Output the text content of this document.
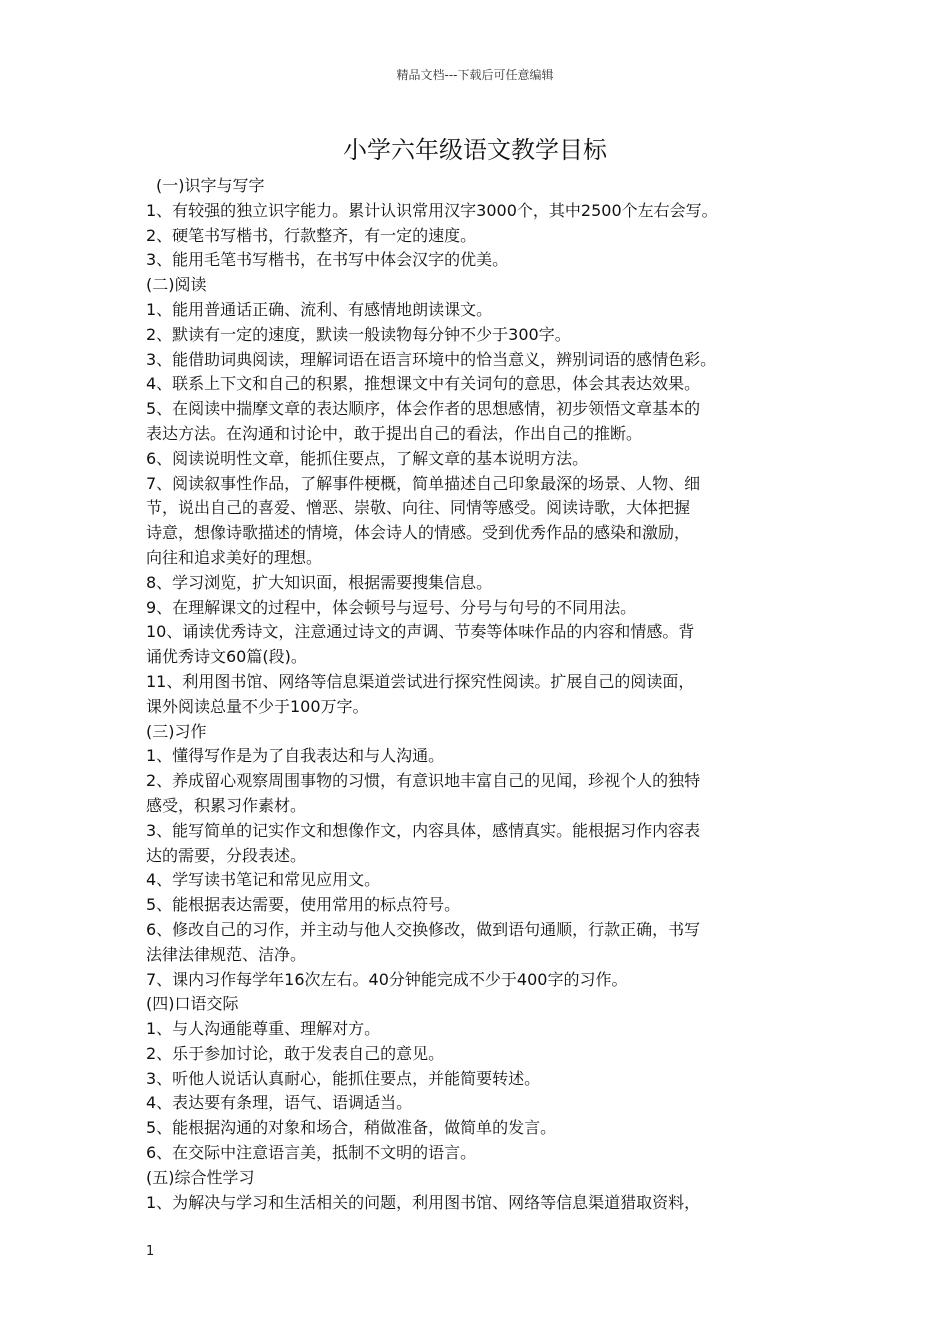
精品文档---下载后可任意编辑
小学六年级语文教学目标
(一)识字与写字
1、有较强的独立识字能力。累计认识常用汉字3000个，其中2500个左右会写。
2、硬笔书写楷书，行款整齐，有一定的速度。
3、能用毛笔书写楷书，在书写中体会汉字的优美。
(二)阅读
1、能用普通话正确、流利、有感情地朗读课文。
2、默读有一定的速度，默读一般读物每分钟不少于300字。
3、能借助词典阅读，理解词语在语言环境中的恰当意义，辨别词语的感情色彩。
4、联系上下文和自己的积累，推想课文中有关词句的意思，体会其表达效果。
5、在阅读中揣摩文章的表达顺序，体会作者的思想感情，初步领悟文章基本的
表达方法。在沟通和讨论中，敢于提出自己的看法，作出自己的推断。
6、阅读说明性文章，能抓住要点，了解文章的基本说明方法。
7、阅读叙事性作品，了解事件梗概，简单描述自己印象最深的场景、人物、细
节，说出自己的喜爱、憎恶、崇敬、向往、同情等感受。阅读诗歌，大体把握
诗意，想像诗歌描述的情境，体会诗人的情感。受到优秀作品的感染和激励，
向往和追求美好的理想。
8、学习浏览，扩大知识面，根据需要搜集信息。
9、在理解课文的过程中，体会顿号与逗号、分号与句号的不同用法。
10、诵读优秀诗文，注意通过诗文的声调、节奏等体味作品的内容和情感。背
诵优秀诗文60篇(段)。
11、利用图书馆、网络等信息渠道尝试进行探究性阅读。扩展自己的阅读面，
课外阅读总量不少于100万字。
(三)习作
1、懂得写作是为了自我表达和与人沟通。
2、养成留心观察周围事物的习惯，有意识地丰富自己的见闻，珍视个人的独特
感受，积累习作素材。
3、能写简单的记实作文和想像作文，内容具体，感情真实。能根据习作内容表
达的需要，分段表述。
4、学写读书笔记和常见应用文。
5、能根据表达需要，使用常用的标点符号。
6、修改自己的习作，并主动与他人交换修改，做到语句通顺，行款正确，书写
法律法律规范、洁净。
7、课内习作每学年16次左右。40分钟能完成不少于400字的习作。
(四)口语交际
1、与人沟通能尊重、理解对方。
2、乐于参加讨论，敢于发表自己的意见。
3、听他人说话认真耐心，能抓住要点，并能简要转述。
4、表达要有条理，语气、语调适当。
5、能根据沟通的对象和场合，稍做准备，做简单的发言。
6、在交际中注意语言美，抵制不文明的语言。
(五)综合性学习
1、为解决与学习和生活相关的问题，利用图书馆、网络等信息渠道猎取资料，
1
